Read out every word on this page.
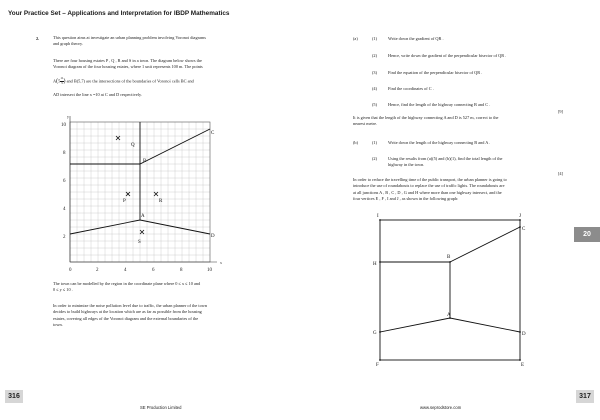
Your Practice Set – Applications and Interpretation for IBDP Mathematics
20
2.	This question aims at investigate an urban planning problem involving Voronoi diagrams
and graph theory.
There are four housing estates P , Q , R and S in a town. The diagram below shows the
Voronoi diagram of the four housing estates, where 1 unit represents 100 m. The points
$A(5 \frac{11}{3}$ ) and B(5,7) are the intersections of the boundaries of Voronoi cells BC and
AD intersect the line x =10 at C and D respectively.
x
y
10
8
6
4
2
0	2	4	6	8	10
Q
P	R
S
A
B
C
D
The town can be modelled by the region in the coordinate plane where 0 ≤ x ≤ 10 and
0 ≤ y ≤ 10 .
In order to minimize the noise pollution level due to traffic, the urban planner of the town
decides to build highways at the location which are as far as possible from the housing
estates, covering all edges of the Voronoi diagram and the external boundaries of the
town.
(a)	(1)	Write down the gradient of QR .
(2)	Hence, write down the gradient of the perpendicular bisector of QR .
(3)	Find the equation of the perpendicular bisector of QR .
(4)	Find the coordinates of C .
(5)	Hence, find the length of the highway connecting B and C .
[9]
It is given that the length of the highway connecting A and D is 527 m, correct to the
nearest metre.
(b)	(1)	Write down the length of the highway connecting B and A .
(2)	Using the results from (a)(5) and (b)(1), find the total length of the
highway in the town.
[4]
In order to reduce the travelling time of the public transport, the urban planner is going to
introduce the use of roundabouts to replace the use of traffic lights. The roundabouts are
at all junctions A , B , C , D , G and H where more than one highway intersect, and the
four vertices E , F , I and J , as shown in the following graph:
I	J
C
H
B
A
G	D
F	E
316	317
SE Production Limited	www.seprodstore.com
